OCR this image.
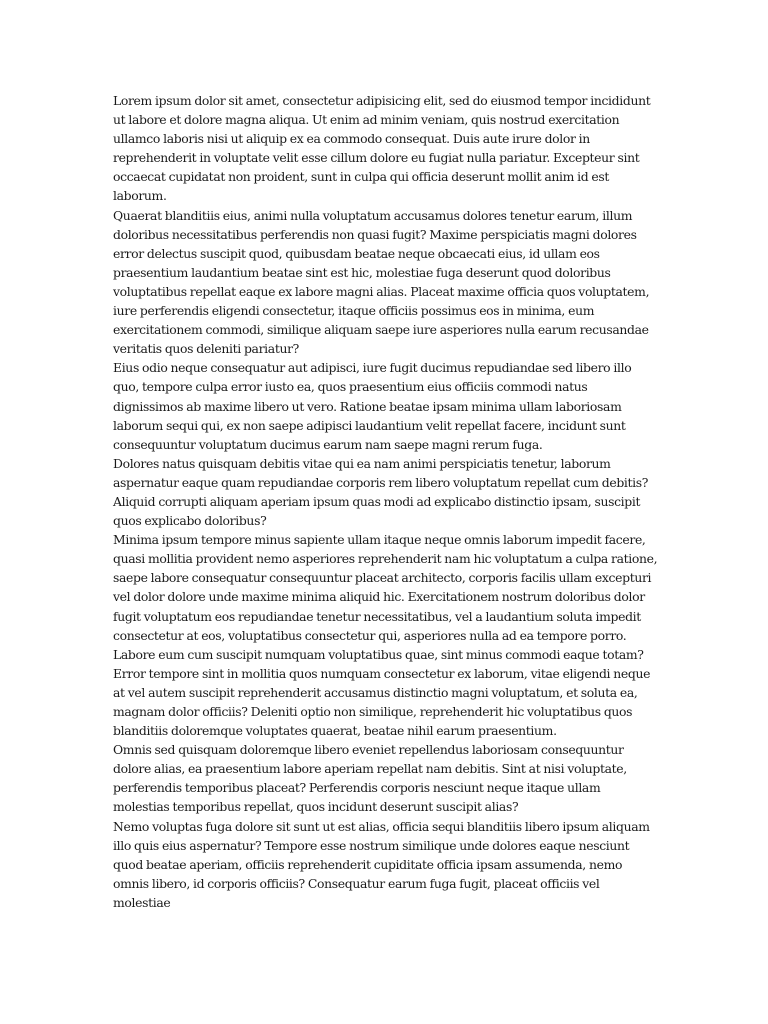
Lorem ipsum dolor sit amet, consectetur adipisicing elit, sed do eiusmod tempor incididunt ut labore et dolore magna aliqua. Ut enim ad minim veniam, quis nostrud exercitation ullamco laboris nisi ut aliquip ex ea commodo consequat. Duis aute irure dolor in reprehenderit in voluptate velit esse cillum dolore eu fugiat nulla pariatur. Excepteur sint occaecat cupidatat non proident, sunt in culpa qui officia deserunt mollit anim id est laborum.

Quaerat blanditiis eius, animi nulla voluptatum accusamus dolores tenetur earum, illum doloribus necessitatibus perferendis non quasi fugit? Maxime perspiciatis magni dolores error delectus suscipit quod, quibusdam beatae neque obcaecati eius, id ullam eos praesentium laudantium beatae sint est hic, molestiae fuga deserunt quod doloribus voluptatibus repellat eaque ex labore magni alias. Placeat maxime officia quos voluptatem, iure perferendis eligendi consectetur, itaque officiis possimus eos in minima, eum exercitationem commodi, similique aliquam saepe iure asperiores nulla earum recusandae veritatis quos deleniti pariatur?

Eius odio neque consequatur aut adipisci, iure fugit ducimus repudiandae sed libero illo quo, tempore culpa error iusto ea, quos praesentium eius officiis commodi natus dignissimos ab maxime libero ut vero. Ratione beatae ipsam minima ullam laboriosam laborum sequi qui, ex non saepe adipisci laudantium velit repellat facere, incidunt sunt consequuntur voluptatum ducimus earum nam saepe magni rerum fuga.

Dolores natus quisquam debitis vitae qui ea nam animi perspiciatis tenetur, laborum aspernatur eaque quam repudiandae corporis rem libero voluptatum repellat cum debitis? Aliquid corrupti aliquam aperiam ipsum quas modi ad explicabo distinctio ipsam, suscipit quos explicabo doloribus?

Minima ipsum tempore minus sapiente ullam itaque neque omnis laborum impedit facere, quasi mollitia provident nemo asperiores reprehenderit nam hic voluptatum a culpa ratione, saepe labore consequatur consequuntur placeat architecto, corporis facilis ullam excepturi vel dolor dolore unde maxime minima aliquid hic. Exercitationem nostrum doloribus dolor fugit voluptatum eos repudiandae tenetur necessitatibus, vel a laudantium soluta impedit consectetur at eos, voluptatibus consectetur qui, asperiores nulla ad ea tempore porro.

Labore eum cum suscipit numquam voluptatibus quae, sint minus commodi eaque totam? Error tempore sint in mollitia quos numquam consectetur ex laborum, vitae eligendi neque at vel autem suscipit reprehenderit accusamus distinctio magni voluptatum, et soluta ea, magnam dolor officiis? Deleniti optio non similique, reprehenderit hic voluptatibus quos blanditiis doloremque voluptates quaerat, beatae nihil earum praesentium.

Omnis sed quisquam doloremque libero eveniet repellendus laboriosam consequuntur dolore alias, ea praesentium labore aperiam repellat nam debitis. Sint at nisi voluptate, perferendis temporibus placeat? Perferendis corporis nesciunt neque itaque ullam molestias temporibus repellat, quos incidunt deserunt suscipit alias?

Nemo voluptas fuga dolore sit sunt ut est alias, officia sequi blanditiis libero ipsum aliquam illo quis eius aspernatur? Tempore esse nostrum similique unde dolores eaque nesciunt quod beatae aperiam, officiis reprehenderit cupiditate officia ipsam assumenda, nemo omnis libero, id corporis officiis? Consequatur earum fuga fugit, placeat officiis vel molestiae
